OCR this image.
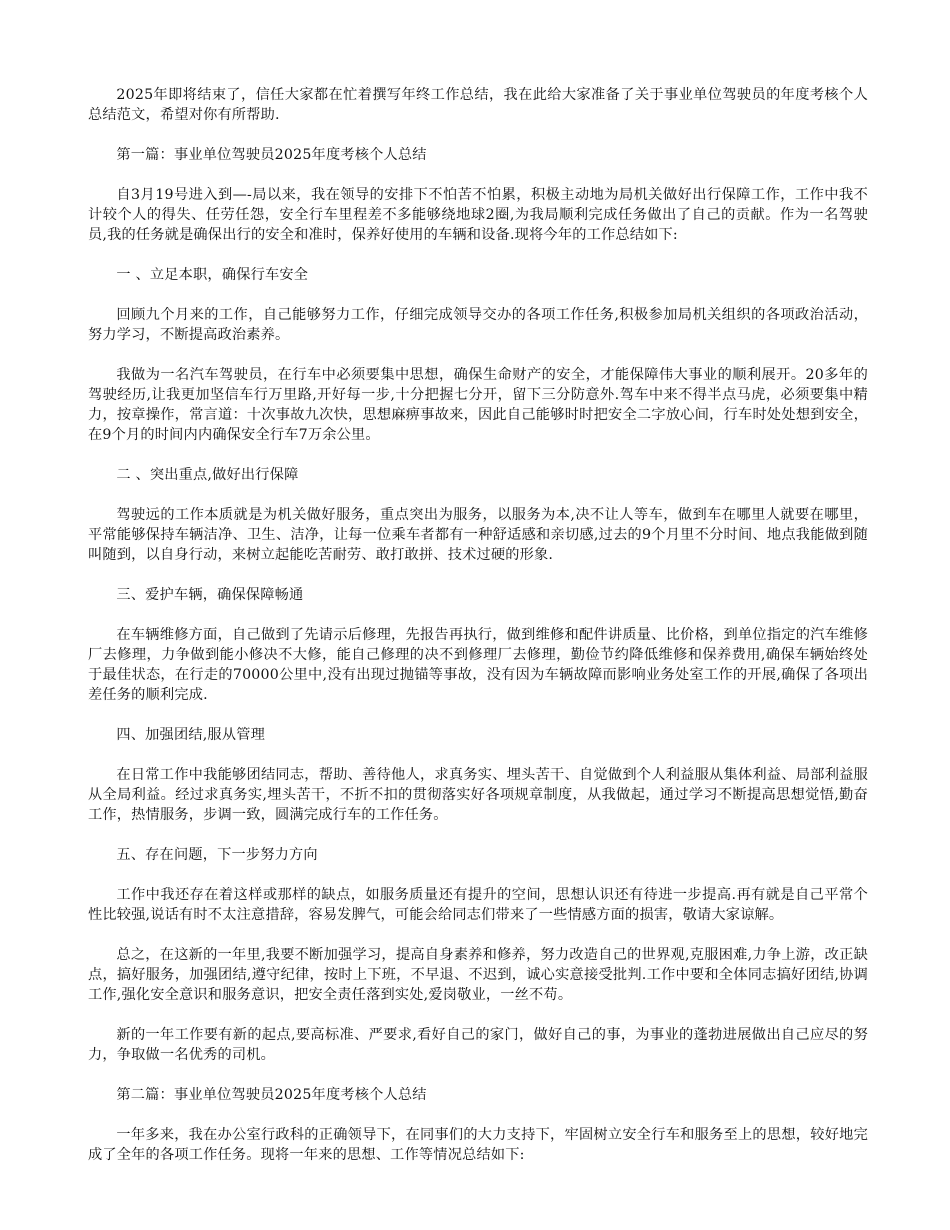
2025年即将结束了，信任大家都在忙着撰写年终工作总结，我在此给大家准备了关于事业单位驾驶员的年度考核个人总结范文，希望对你有所帮助.

第一篇：事业单位驾驶员2025年度考核个人总结

自3月19号进入到—-局以来，我在领导的安排下不怕苦不怕累，积极主动地为局机关做好出行保障工作，工作中我不计较个人的得失、任劳任怨，安全行车里程差不多能够绕地球2圈,为我局顺利完成任务做出了自己的贡献。作为一名驾驶员,我的任务就是确保出行的安全和准时，保养好使用的车辆和设备.现将今年的工作总结如下:

一 、立足本职，确保行车安全

回顾九个月来的工作，自己能够努力工作，仔细完成领导交办的各项工作任务,积极参加局机关组织的各项政治活动，努力学习，不断提高政治素养。

我做为一名汽车驾驶员，在行车中必须要集中思想，确保生命财产的安全，才能保障伟大事业的顺利展开。20多年的驾驶经历,让我更加坚信车行万里路,开好每一步,十分把握七分开，留下三分防意外.驾车中来不得半点马虎，必须要集中精力，按章操作，常言道：十次事故九次快，思想麻痹事故来，因此自己能够时时把安全二字放心间，行车时处处想到安全，在9个月的时间内内确保安全行车7万余公里。

二 、突出重点,做好出行保障

驾驶远的工作本质就是为机关做好服务，重点突出为服务，以服务为本,决不让人等车，做到车在哪里人就要在哪里，平常能够保持车辆洁净、卫生、洁净，让每一位乘车者都有一种舒适感和亲切感,过去的9个月里不分时间、地点我能做到随叫随到，以自身行动，来树立起能吃苦耐劳、敢打敢拼、技术过硬的形象.

三、爱护车辆，确保保障畅通

在车辆维修方面，自己做到了先请示后修理，先报告再执行，做到维修和配件讲质量、比价格，到单位指定的汽车维修厂去修理，力争做到能小修决不大修，能自己修理的决不到修理厂去修理，勤俭节约降低维修和保养费用,确保车辆始终处于最佳状态，在行走的70000公里中,没有出现过抛锚等事故，没有因为车辆故障而影响业务处室工作的开展,确保了各项出差任务的顺利完成.

四、加强团结,服从管理

在日常工作中我能够团结同志，帮助、善待他人，求真务实、埋头苦干、自觉做到个人利益服从集体利益、局部利益服从全局利益。经过求真务实,埋头苦干，不折不扣的贯彻落实好各项规章制度，从我做起，通过学习不断提高思想觉悟,勤奋工作，热情服务，步调一致，圆满完成行车的工作任务。

五、存在问题，下一步努力方向

工作中我还存在着这样或那样的缺点，如服务质量还有提升的空间，思想认识还有待进一步提高.再有就是自己平常个性比较强,说话有时不太注意措辞，容易发脾气，可能会给同志们带来了一些情感方面的损害，敬请大家谅解。

总之，在这新的一年里,我要不断加强学习，提高自身素养和修养，努力改造自己的世界观,克服困难,力争上游，改正缺点，搞好服务，加强团结,遵守纪律，按时上下班，不早退、不迟到，诚心实意接受批判.工作中要和全体同志搞好团结,协调工作,强化安全意识和服务意识，把安全责任落到实处,爱岗敬业，一丝不苟。

新的一年工作要有新的起点,要高标准、严要求,看好自己的家门，做好自己的事，为事业的蓬勃进展做出自己应尽的努力，争取做一名优秀的司机。

第二篇：事业单位驾驶员2025年度考核个人总结

一年多来，我在办公室行政科的正确领导下，在同事们的大力支持下，牢固树立安全行车和服务至上的思想，较好地完成了全年的各项工作任务。现将一年来的思想、工作等情况总结如下:
